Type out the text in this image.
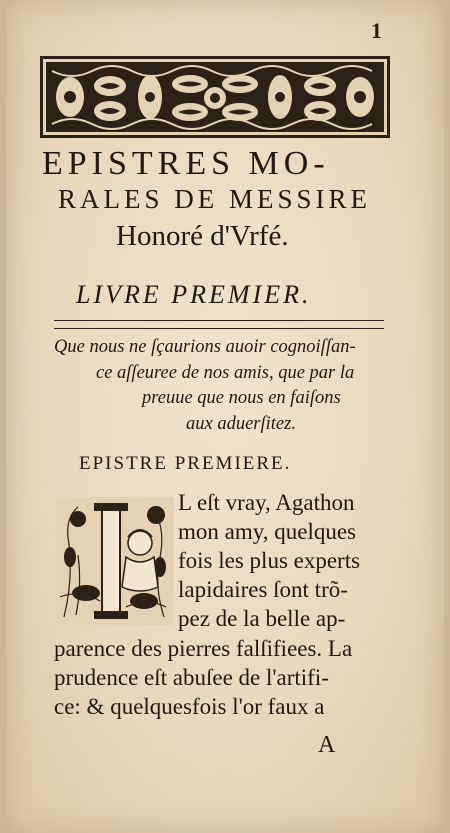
1
EPISTRES MO-
RALES DE MESSIRE
Honoré d'Vrfé.
LIVRE PREMIER.
Que nous ne ſçaurions auoir cognoiſſan-
ce aſſeuree de nos amis, que par la
preuue que nous en faiſons
aux aduerſitez.
EPISTRE PREMIERE.
L eſt vray, Agathon
mon amy, quelques
fois les plus experts
lapidaires ſont trõ-
pez de la belle ap-
parence des pierres falſifiees. La
prudence eſt abuſee de l'artifi-
ce: & quelquesfois l'or faux a
A
